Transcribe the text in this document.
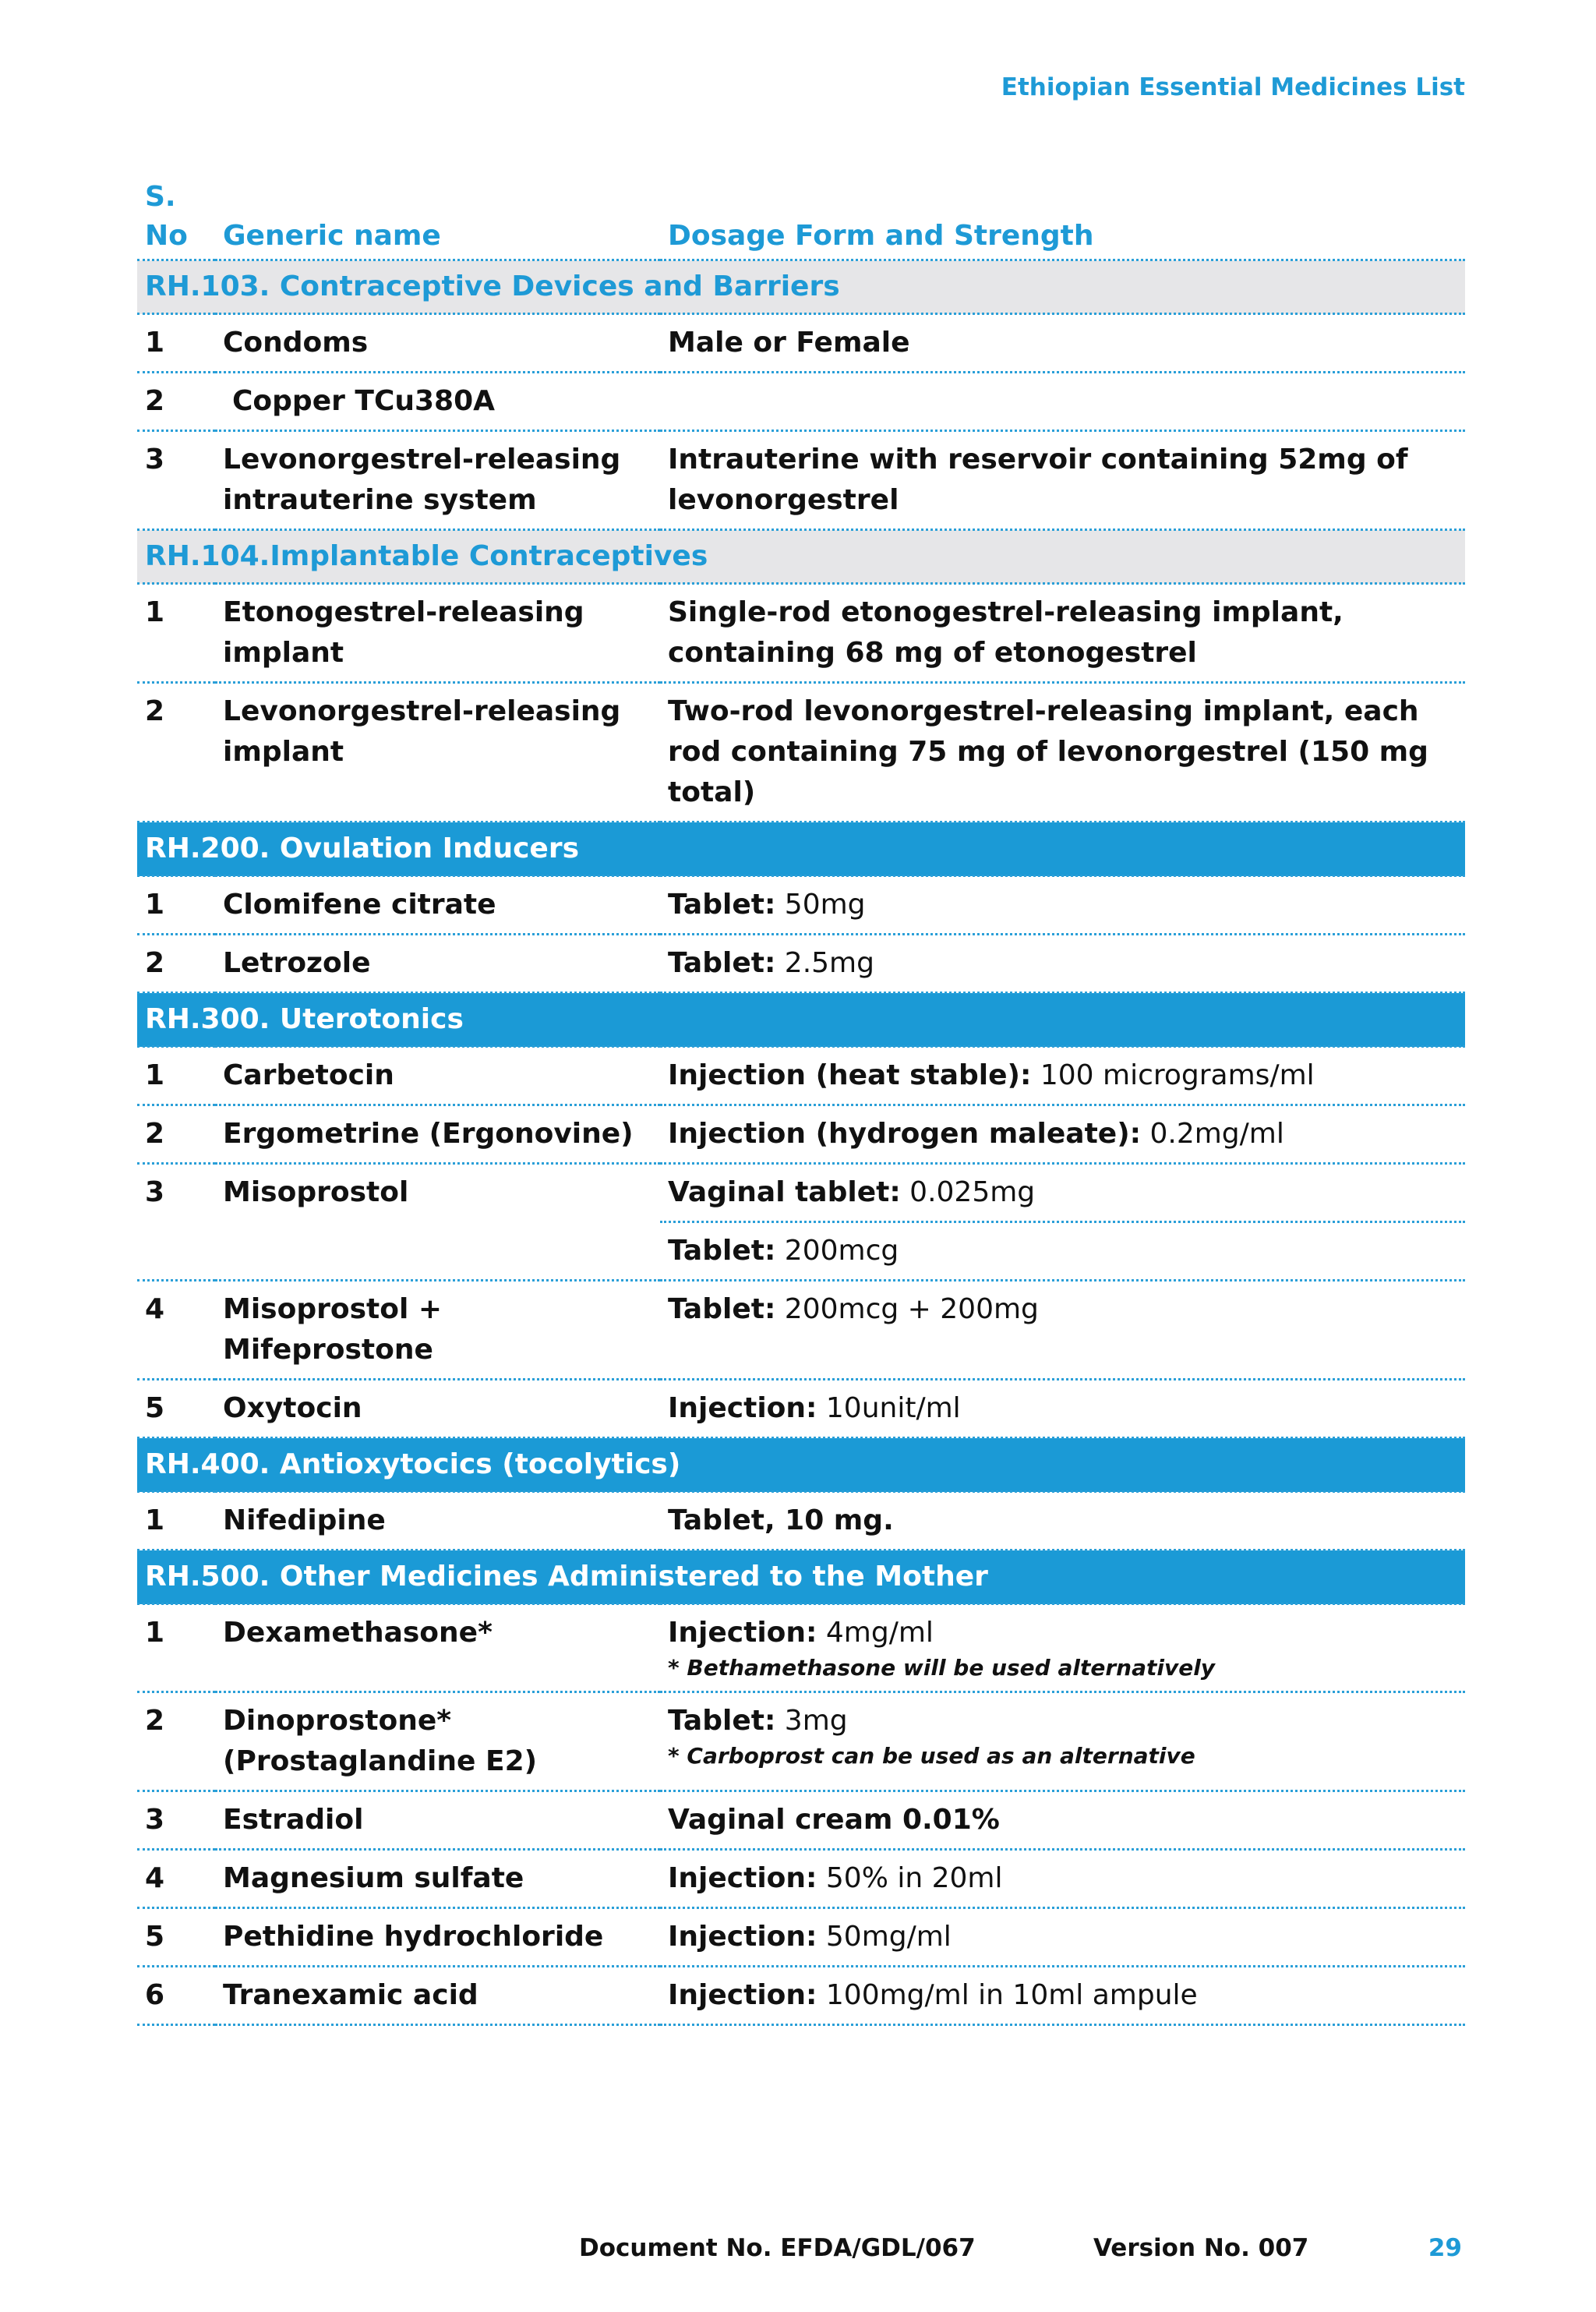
Ethiopian Essential Medicines List
S. No	Generic name	Dosage Form and Strength
RH.103. Contraceptive Devices and Barriers		
1	Condoms	Male or Female
2	Copper TCu380A	
3	Levonorgestrel-releasing intrauterine system	Intrauterine with reservoir containing 52mg of levonorgestrel
RH.104.Implantable Contraceptives		
1	Etonogestrel-releasing implant	Single-rod etonogestrel-releasing implant, containing 68 mg of etonogestrel
2	Levonorgestrel-releasing implant	Two-rod levonorgestrel-releasing implant, each rod containing 75 mg of levonorgestrel (150 mg total)
RH.200. Ovulation Inducers		
1	Clomifene citrate	Tablet: 50mg
2	Letrozole	Tablet: 2.5mg
RH.300. Uterotonics		
1	Carbetocin	Injection (heat stable): 100 micrograms/ml
2	Ergometrine (Ergonovine)	Injection (hydrogen maleate): 0.2mg/ml
3	Misoprostol	Vaginal tablet: 0.025mg
		Tablet: 200mcg
4	Misoprostol + Mifeprostone	Tablet: 200mcg + 200mg
5	Oxytocin	Injection: 10unit/ml
RH.400. Antioxytocics (tocolytics)		
1	Nifedipine	Tablet, 10 mg.
RH.500. Other Medicines Administered to the Mother		
1	Dexamethasone*	Injection: 4mg/ml
* Bethamethasone will be used alternatively

2	Dinoprostone* (Prostaglandine E2)	Tablet: 3mg
* Carboprost can be used as an alternative

3	Estradiol	Vaginal cream 0.01%
4	Magnesium sulfate	Injection: 50% in 20ml
5	Pethidine hydrochloride	Injection: 50mg/ml
6	Tranexamic acid	Injection: 100mg/ml in 10ml ampule
Document No. EFDA/GDL/067	Version No. 007	29
